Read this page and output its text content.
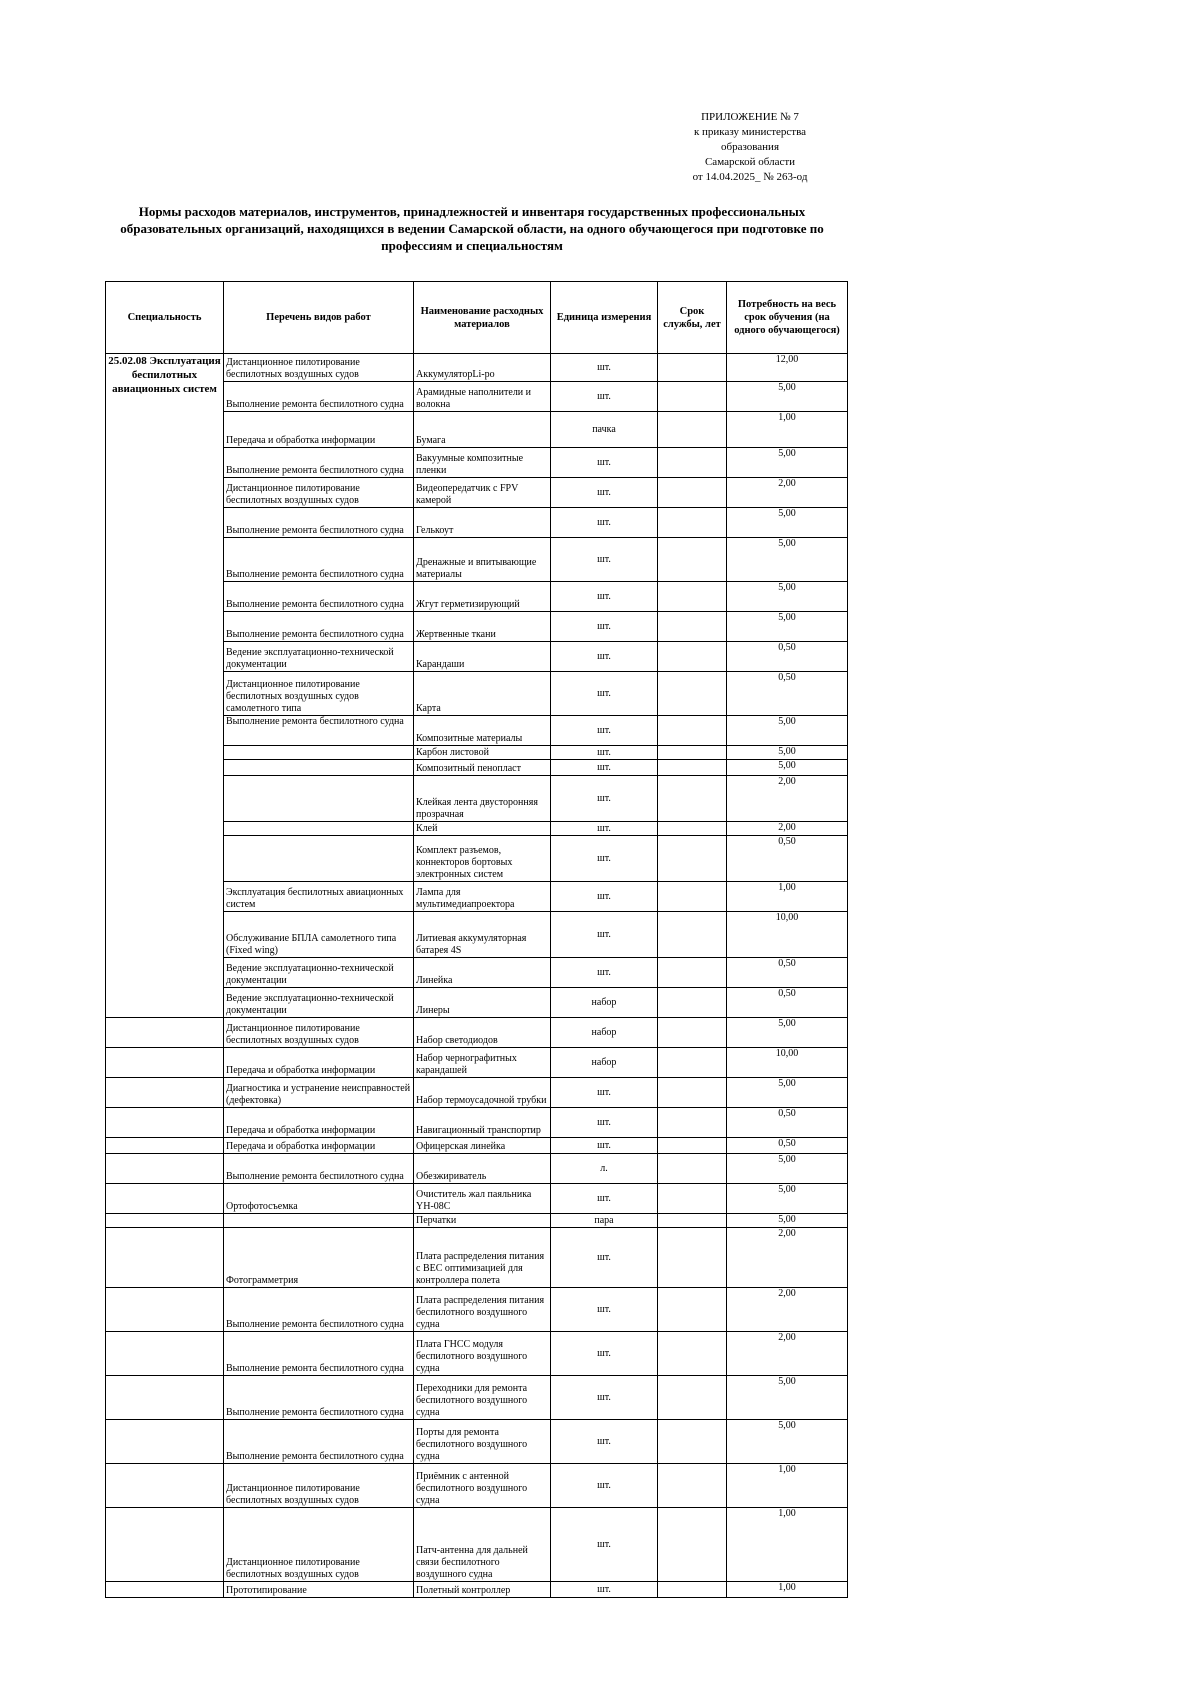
ПРИЛОЖЕНИЕ № 7
к приказу министерства
образования
Самарской области
от 14.04.2025_ № 263-од
Нормы расходов материалов, инструментов, принадлежностей и инвентаря государственных профессиональных образовательных организаций, находящихся в ведении Самарской области, на одного обучающегося при подготовке по профессиям и специальностям
Специальность	Перечень видов работ	Наименование расходных материалов	Единица измерения	Срок службы, лет	Потребность на весь срок обучения (на одного обучающегося)
25.02.08 Эксплуатация беспилотных авиационных систем	Дистанционное пилотирование беспилотных воздушных судов	АккумуляторLi-po	шт.		12,00
	Выполнение ремонта беспилотного судна	Арамидные наполнители и волокна	шт.		5,00
	Передача и обработка информации	Бумага	пачка		1,00
	Выполнение ремонта беспилотного судна	Вакуумные композитные пленки	шт.		5,00
	Дистанционное пилотирование беспилотных воздушных судов	Видеопередатчик с FPV камерой	шт.		2,00
	Выполнение ремонта беспилотного судна	Гелькоут	шт.		5,00
	Выполнение ремонта беспилотного судна	Дренажные и впитывающие материалы	шт.		5,00
	Выполнение ремонта беспилотного судна	Жгут герметизирующий	шт.		5,00
	Выполнение ремонта беспилотного судна	Жертвенные ткани	шт.		5,00
	Ведение эксплуатационно-технической документации	Карандаши	шт.		0,50
	Дистанционное пилотирование беспилотных воздушных судов самолетного типа	Карта	шт.		0,50
	Выполнение ремонта беспилотного судна	Композитные материалы	шт.		5,00
		Карбон листовой	шт.		5,00
		Композитный пенопласт	шт.		5,00
		Клейкая лента двусторонняя прозрачная	шт.		2,00
		Клей	шт.		2,00
		Комплект разъемов, коннекторов бортовых электронных систем	шт.		0,50
	Эксплуатация беспилотных авиационных систем	Лампа для мультимедиапроектора	шт.		1,00
	Обслуживание БПЛА самолетного типа (Fixed wing)	Литиевая аккумуляторная батарея 4S	шт.		10,00
	Ведение эксплуатационно-технической документации	Линейка	шт.		0,50
	Ведение эксплуатационно-технической документации	Линеры	набор		0,50
	Дистанционное пилотирование беспилотных воздушных судов	Набор светодиодов	набор		5,00
	Передача и обработка информации	Набор чернографитных карандашей	набор		10,00
	Диагностика и устранение неисправностей (дефектовка)	Набор термоусадочной трубки	шт.		5,00
	Передача и обработка информации	Навигационный транспортир	шт.		0,50
	Передача и обработка информации	Офицерская линейка	шт.		0,50
	Выполнение ремонта беспилотного судна	Обезжириватель	л.		5,00
	Ортофотосъемка	Очиститель жал паяльника YH-08C	шт.		5,00
		Перчатки	пара		5,00
	Фотограмметрия	Плата распределения питания с BEC оптимизацией для контроллера полета	шт.		2,00
	Выполнение ремонта беспилотного судна	Плата распределения питания беспилотного воздушного судна	шт.		2,00
	Выполнение ремонта беспилотного судна	Плата ГНСС модуля беспилотного воздушного судна	шт.		2,00
	Выполнение ремонта беспилотного судна	Переходники для ремонта беспилотного воздушного судна	шт.		5,00
	Выполнение ремонта беспилотного судна	Порты для ремонта беспилотного воздушного судна	шт.		5,00
	Дистанционное пилотирование беспилотных воздушных судов	Приёмник с антенной беспилотного воздушного судна	шт.		1,00
	Дистанционное пилотирование беспилотных воздушных судов	Патч-антенна для дальней связи беспилотного воздушного судна	шт.		1,00
	Прототипирование	Полетный контроллер	шт.		1,00
